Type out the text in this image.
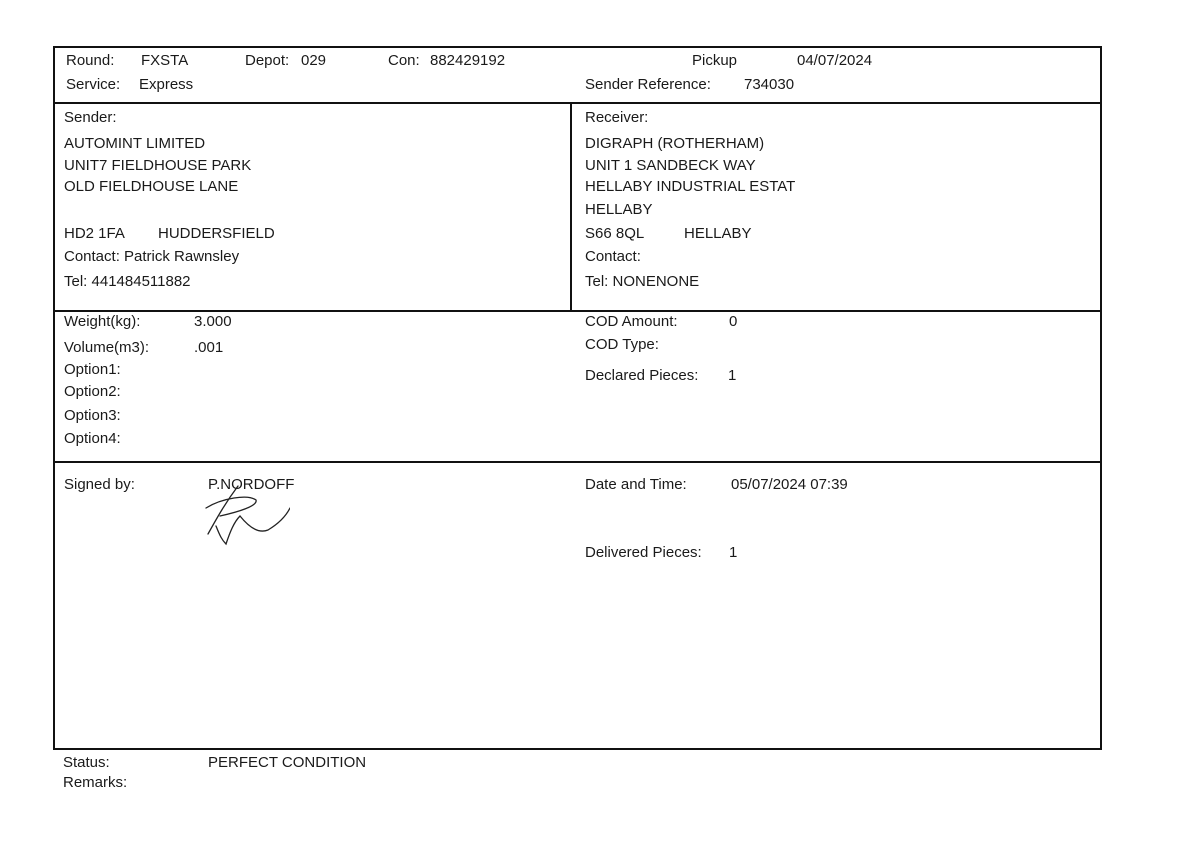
Round: FXSTA	Depot: 029	Con: 882429192	Pickup	04/07/2024
Service: Express	Sender Reference: 734030
Sender:
AUTOMINT LIMITED
UNIT7 FIELDHOUSE PARK
OLD FIELDHOUSE LANE
HD2 1FA HUDDERSFIELD
Contact: Patrick Rawnsley
Tel: 441484511882
Receiver:
DIGRAPH (ROTHERHAM)
UNIT 1 SANDBECK WAY
HELLABY INDUSTRIAL ESTAT
HELLABY
S66 8QL	HELLABY
Contact:
Tel: NONENONE
Weight(kg):	3.000
Volume(m3):	.001
Option1:
Option2:
Option3:
Option4:
COD Amount:	0
COD Type:
Declared Pieces: 1
Signed by:	P.NORDOFF	Date and Time:	05/07/2024 07:39
Delivered Pieces: 1
Status:	PERFECT CONDITION
Remarks:
